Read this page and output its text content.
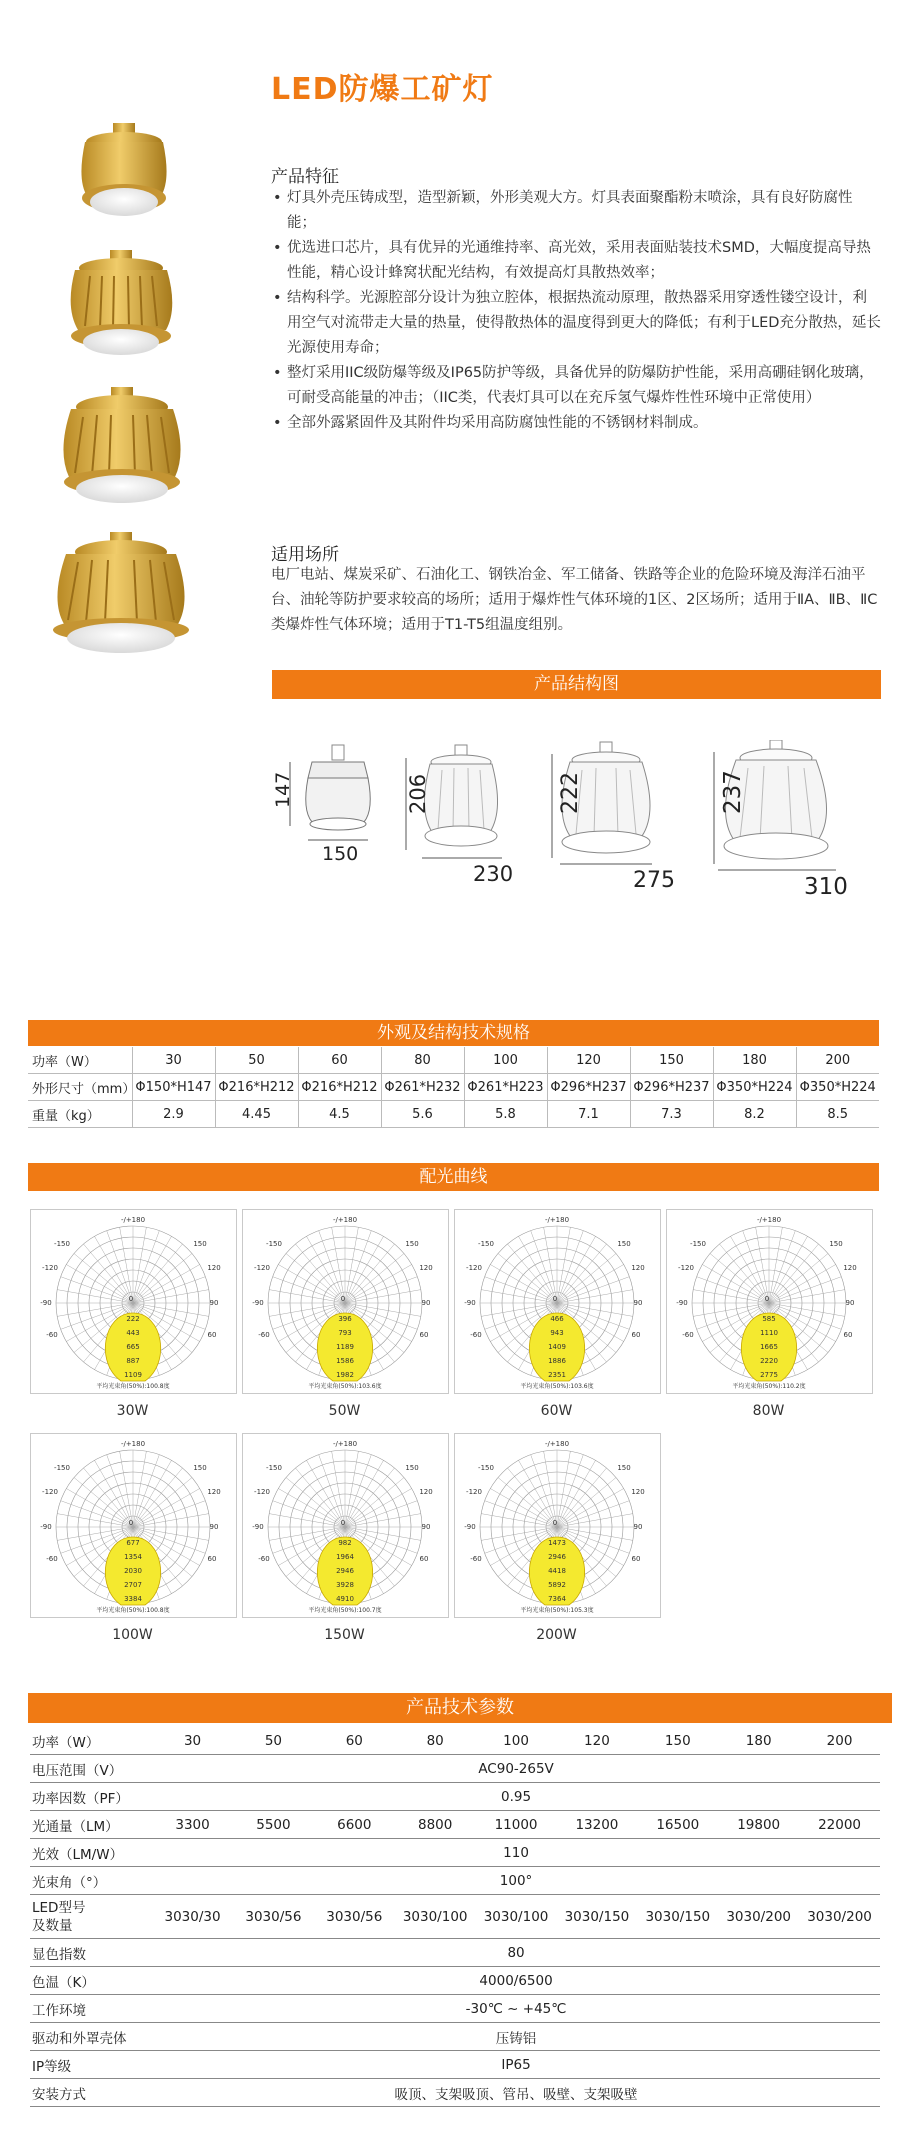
LED防爆工矿灯
产品特征
• 灯具外壳压铸成型，造型新颖，外形美观大方。灯具表面聚酯粉末喷涂，具有良好防腐性能；
• 优选进口芯片，具有优异的光通维持率、高光效，采用表面贴装技术SMD，大幅度提高导热性能，精心设计蜂窝状配光结构，有效提高灯具散热效率；
• 结构科学。光源腔部分设计为独立腔体，根据热流动原理，散热器采用穿透性镂空设计，利用空气对流带走大量的热量，使得散热体的温度得到更大的降低；有利于LED充分散热，延长光源使用寿命；
• 整灯采用IIC级防爆等级及IP65防护等级，具备优异的防爆防护性能，采用高硼硅钢化玻璃，可耐受高能量的冲击；（IIC类，代表灯具可以在充斥氢气爆炸性性环境中正常使用）
• 全部外露紧固件及其附件均采用高防腐蚀性能的不锈钢材料制成。
适用场所
电厂电站、煤炭采矿、石油化工、钢铁冶金、军工储备、铁路等企业的危险环境及海洋石油平台、油轮等防护要求较高的场所；适用于爆炸性气体环境的1区、2区场所；适用于ⅡA、ⅡB、ⅡC类爆炸性气体环境；适用于T1-T5组温度组别。
产品结构图
147
150
206
230
222
275
237
310
外观及结构技术规格
功率（W）	30	50	60	80	100	120	150	180	200
外形尺寸（mm）	Φ150*H147	Φ216*H212	Φ216*H212	Φ261*H232	Φ261*H223	Φ296*H237	Φ296*H237	Φ350*H224	Φ350*H224
重量（kg）	2.9	4.45	4.5	5.6	5.8	7.1	7.3	8.2	8.5
配光曲线
-/+180
-150	150
-120	120
-90	90
-60	60
0
222
443
665
887
1109
平均光束角(50%):100.8度
30W
-/+180
-150	150
-120	120
-90	90
-60	60
0
396
793
1189
1586
1982
平均光束角(50%):103.6度
50W
-/+180
-150	150
-120	120
-90	90
-60	60
0
466
943
1409
1886
2351
平均光束角(50%):103.6度
60W
-/+180
-150	150
-120	120
-90	90
-60	60
0
585
1110
1665
2220
2775
平均光束角(50%):110.2度
80W
-/+180
-150	150
-120	120
-90	90
-60	60
0
677
1354
2030
2707
3384
平均光束角(50%):100.8度
100W
-/+180
-150	150
-120	120
-90	90
-60	60
0
982
1964
2946
3928
4910
平均光束角(50%):100.7度
150W
-/+180
-150	150
-120	120
-90	90
-60	60
0
1473
2946
4418
5892
7364
平均光束角(50%):105.3度
200W
产品技术参数
功率（W）	30	50	60	80	100	120	150	180	200
电压范围（V）	AC90-265V								
功率因数（PF）	0.95								
光通量（LM）	3300	5500	6600	8800	11000	13200	16500	19800	22000
光效（LM/W）	110								
光束角（°）	100°								
LED型号
及数量	3030/30	3030/56	3030/56	3030/100	3030/100	3030/150	3030/150	3030/200	3030/200
显色指数	80								
色温（K）	4000/6500								
工作环境	-30℃ ~ +45℃								
驱动和外罩壳体	压铸铝								
IP等级	IP65								
安装方式	吸顶、支架吸顶、管吊、吸壁、支架吸壁								
